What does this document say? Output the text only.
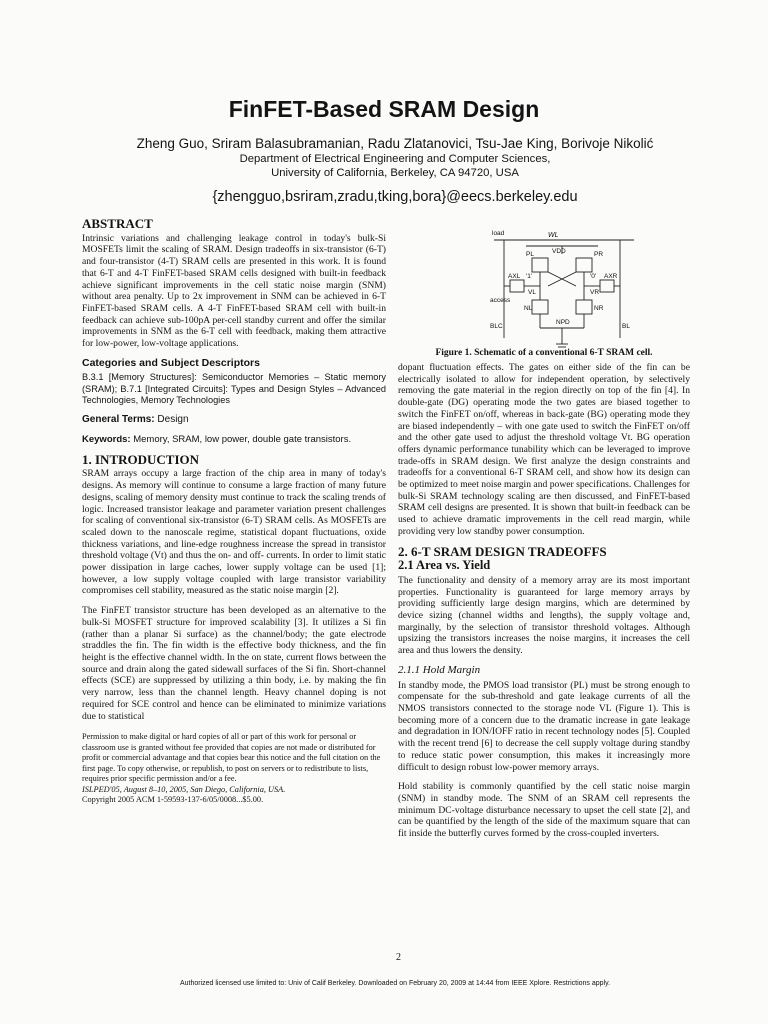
FinFET-Based SRAM Design
Zheng Guo, Sriram Balasubramanian, Radu Zlatanovici, Tsu-Jae King, Borivoje Nikolić
Department of Electrical Engineering and Computer Sciences,
University of California, Berkeley, CA 94720, USA
{zhengguo,bsriram,zradu,tking,bora}@eecs.berkeley.edu
ABSTRACT

Intrinsic variations and challenging leakage control in today's bulk-Si MOSFETs limit the scaling of SRAM. Design tradeoffs in six-transistor (6-T) and four-transistor (4-T) SRAM cells are presented in this work. It is found that 6-T and 4-T FinFET-based SRAM cells designed with built-in feedback achieve significant improvements in the cell static noise margin (SNM) without area penalty. Up to 2x improvement in SNM can be achieved in 6-T FinFET-based SRAM cells. A 4-T FinFET-based SRAM cell with built-in feedback can achieve sub-100pA per-cell standby current and offer the similar improvements in SNM as the 6-T cell with feedback, making them attractive for low-power, low-voltage applications.

Categories and Subject Descriptors

B.3.1 [Memory Structures]: Semiconductor Memories – Static memory (SRAM); B.7.1 [Integrated Circuits]: Types and Design Styles – Advanced Technologies, Memory Technologies

General Terms: Design

Keywords: Memory, SRAM, low power, double gate transistors.

1. INTRODUCTION

SRAM arrays occupy a large fraction of the chip area in many of today's designs. As memory will continue to consume a large fraction of many future designs, scaling of memory density must continue to track the scaling trends of logic. Increased transistor leakage and parameter variation present challenges for scaling of conventional six-transistor (6-T) SRAM cells. As MOSFETs are scaled down to the nanoscale regime, statistical dopant fluctuations, oxide thickness variations, and line-edge roughness increase the spread in transistor threshold voltage (Vt) and thus the on- and off- currents. In order to limit static power dissipation in large caches, lower supply voltage can be used [1]; however, a low supply voltage coupled with large transistor variability compromises cell stability, measured as the static noise margin [2].

The FinFET transistor structure has been developed as an alternative to the bulk-Si MOSFET structure for improved scalability [3]. It utilizes a Si fin (rather than a planar Si surface) as the channel/body; the gate electrode straddles the fin. The fin width is the effective body thickness, and the fin height is the effective channel width. In the on state, current flows between the source and drain along the gated sidewall surfaces of the Si fin. Short-channel effects (SCE) are suppressed by utilizing a thin body, i.e. by making the fin very narrow, less than the channel length. Heavy channel doping is not required for SCE control and hence can be eliminated to minimize variations due to statistical

Permission to make digital or hard copies of all or part of this work for personal or classroom use is granted without fee provided that copies are not made or distributed for profit or commercial advantage and that copies bear this notice and the full citation on the first page. To copy otherwise, or republish, to post on servers or to redistribute to lists, requires prior specific permission and/or a fee.
ISLPED'05, August 8–10, 2005, San Diego, California, USA.
Copyright 2005 ACM 1-59593-137-6/05/0008...$5.00.
load	WL
VDD
PL	PR
'1'	'0'
AXL	AXR
VL	VR
access
NL	NR
NPD
BLC	BL
Figure 1. Schematic of a conventional 6-T SRAM cell.

dopant fluctuation effects. The gates on either side of the fin can be electrically isolated to allow for independent operation, by selectively removing the gate material in the region directly on top of the fin [4]. In double-gate (DG) operating mode the two gates are biased together to switch the FinFET on/off, whereas in back-gate (BG) operating mode they are biased independently – with one gate used to switch the FinFET on/off and the other gate used to adjust the threshold voltage Vt. BG operation offers dynamic performance tunability which can be leveraged to improve trade-offs in SRAM design. We first analyze the design constraints and tradeoffs for a conventional 6-T SRAM cell, and show how its design can be optimized to meet noise margin and power specifications. Challenges for bulk-Si SRAM technology scaling are then discussed, and FinFET-based SRAM cell designs are presented. It is shown that built-in feedback can be used to achieve dramatic improvements in the cell read margin, while providing very low standby power consumption.

2. 6-T SRAM DESIGN TRADEOFFS
2.1 Area vs. Yield

The functionality and density of a memory array are its most important properties. Functionality is guaranteed for large memory arrays by providing sufficiently large design margins, which are determined by device sizing (channel widths and lengths), the supply voltage and, marginally, by the selection of transistor threshold voltages. Although upsizing the transistors increases the noise margins, it increases the cell area and thus lowers the density.

2.1.1 Hold Margin

In standby mode, the PMOS load transistor (PL) must be strong enough to compensate for the sub-threshold and gate leakage currents of all the NMOS transistors connected to the storage node VL (Figure 1). This is becoming more of a concern due to the dramatic increase in gate leakage and degradation in ION/IOFF ratio in recent technology nodes [5]. Coupled with the recent trend [6] to decrease the cell supply voltage during standby to reduce static power consumption, this makes it increasingly more difficult to design robust low-power memory arrays.

Hold stability is commonly quantified by the cell static noise margin (SNM) in standby mode. The SNM of an SRAM cell represents the minimum DC-voltage disturbance necessary to upset the cell state [2], and can be quantified by the length of the side of the maximum square that can fit inside the butterfly curves formed by the cross-coupled inverters.

2
Authorized licensed use limited to: Univ of Calif Berkeley. Downloaded on February 20, 2009 at 14:44 from IEEE Xplore. Restrictions apply.
